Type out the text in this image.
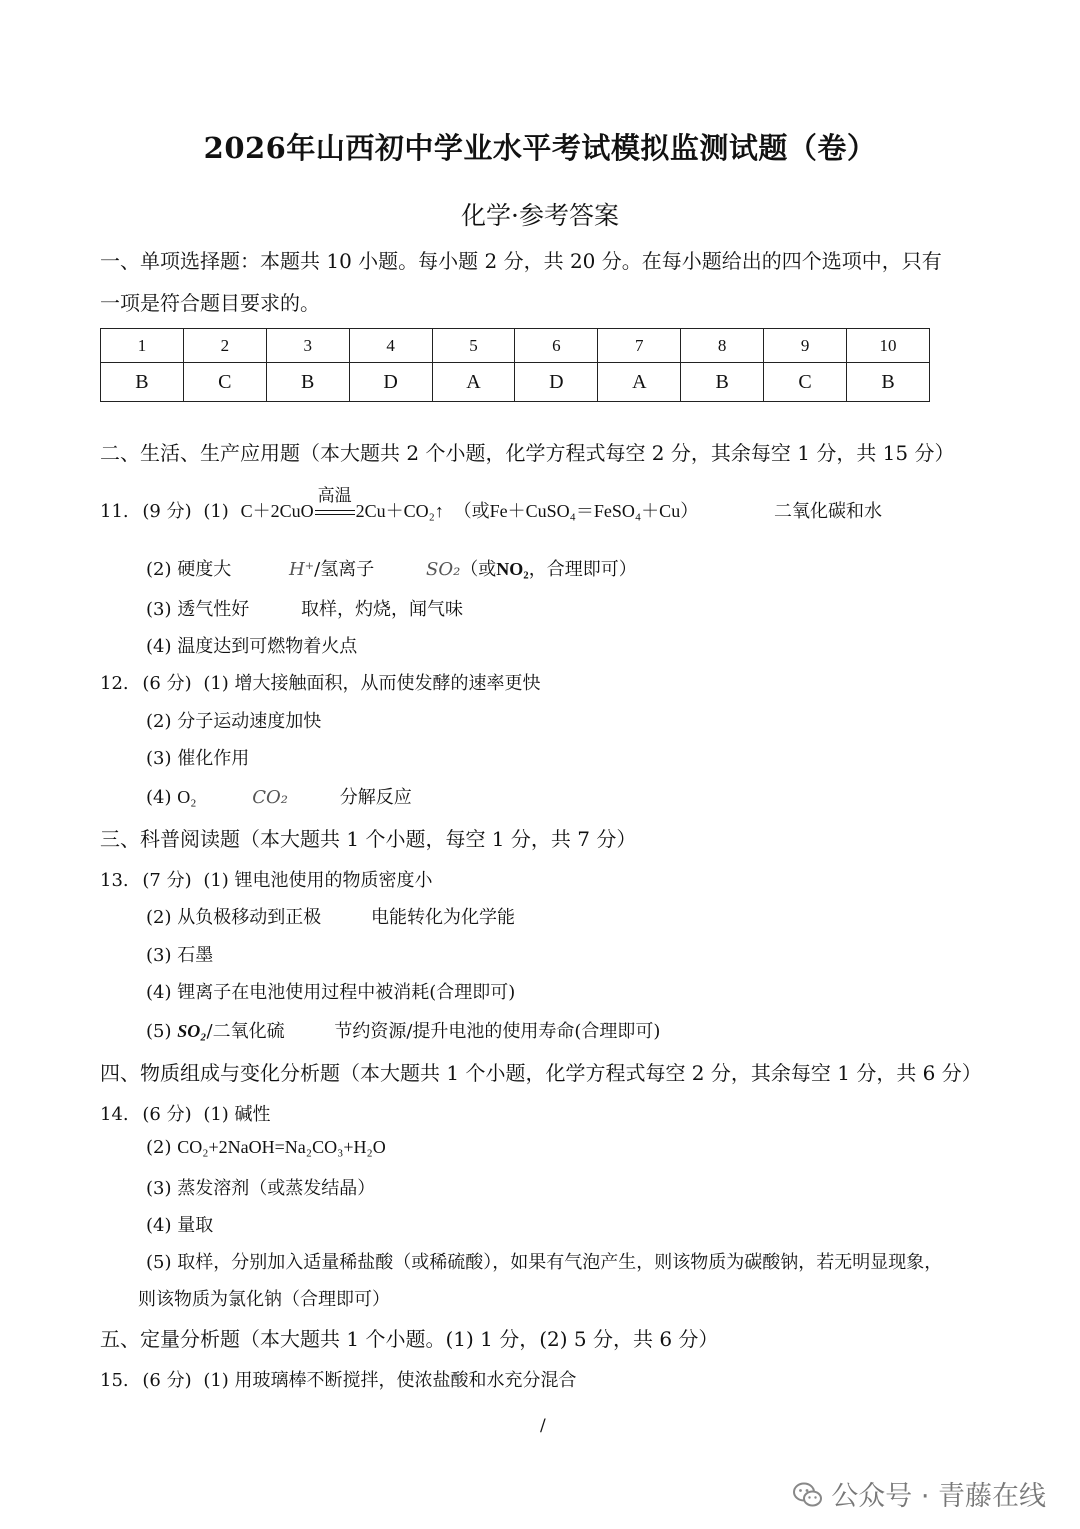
2026年山西初中学业水平考试模拟监测试题（卷）
化学·参考答案
一、单项选择题：本题共 10 小题。每小题 2 分，共 20 分。在每小题给出的四个选项中，只有
一项是符合题目要求的。
1	2	3	4	5	6	7	8	9	10
B	C	B	D	A	D	A	B	C	B
二、生活、生产应用题（本大题共 2 个小题，化学方程式每空 2 分，其余每空 1 分，共 15 分）
11. (9 分) (1) C＋2CuO
高温
2Cu＋CO₂↑ （或Fe＋CuSO₄＝FeSO₄＋Cu）	二氧化碳和水
(2) 硬度大	H⁺/氢离子	SO₂（或NO₂，合理即可）
(3) 透气性好	取样，灼烧，闻气味
(4) 温度达到可燃物着火点
12. (6 分) (1) 增大接触面积，从而使发酵的速率更快
(2) 分子运动速度加快
(3) 催化作用
(4) O₂	CO₂	分解反应
三、科普阅读题（本大题共 1 个小题，每空 1 分，共 7 分）
13. (7 分) (1) 锂电池使用的物质密度小
(2) 从负极移动到正极	电能转化为化学能
(3) 石墨
(4) 锂离子在电池使用过程中被消耗(合理即可)
(5) SO₂/二氧化硫	节约资源/提升电池的使用寿命(合理即可)
四、物质组成与变化分析题（本大题共 1 个小题，化学方程式每空 2 分，其余每空 1 分，共 6 分）
14. (6 分) (1) 碱性
(2) CO₂+2NaOH=Na₂CO₃+H₂O
(3) 蒸发溶剂（或蒸发结晶）
(4) 量取
(5) 取样，分别加入适量稀盐酸（或稀硫酸），如果有气泡产生，则该物质为碳酸钠，若无明显现象，
则该物质为氯化钠（合理即可）
五、定量分析题（本大题共 1 个小题。(1) 1 分，(2) 5 分，共 6 分）
15. (6 分) (1) 用玻璃棒不断搅拌，使浓盐酸和水充分混合
/
公众号 · 青藤在线
